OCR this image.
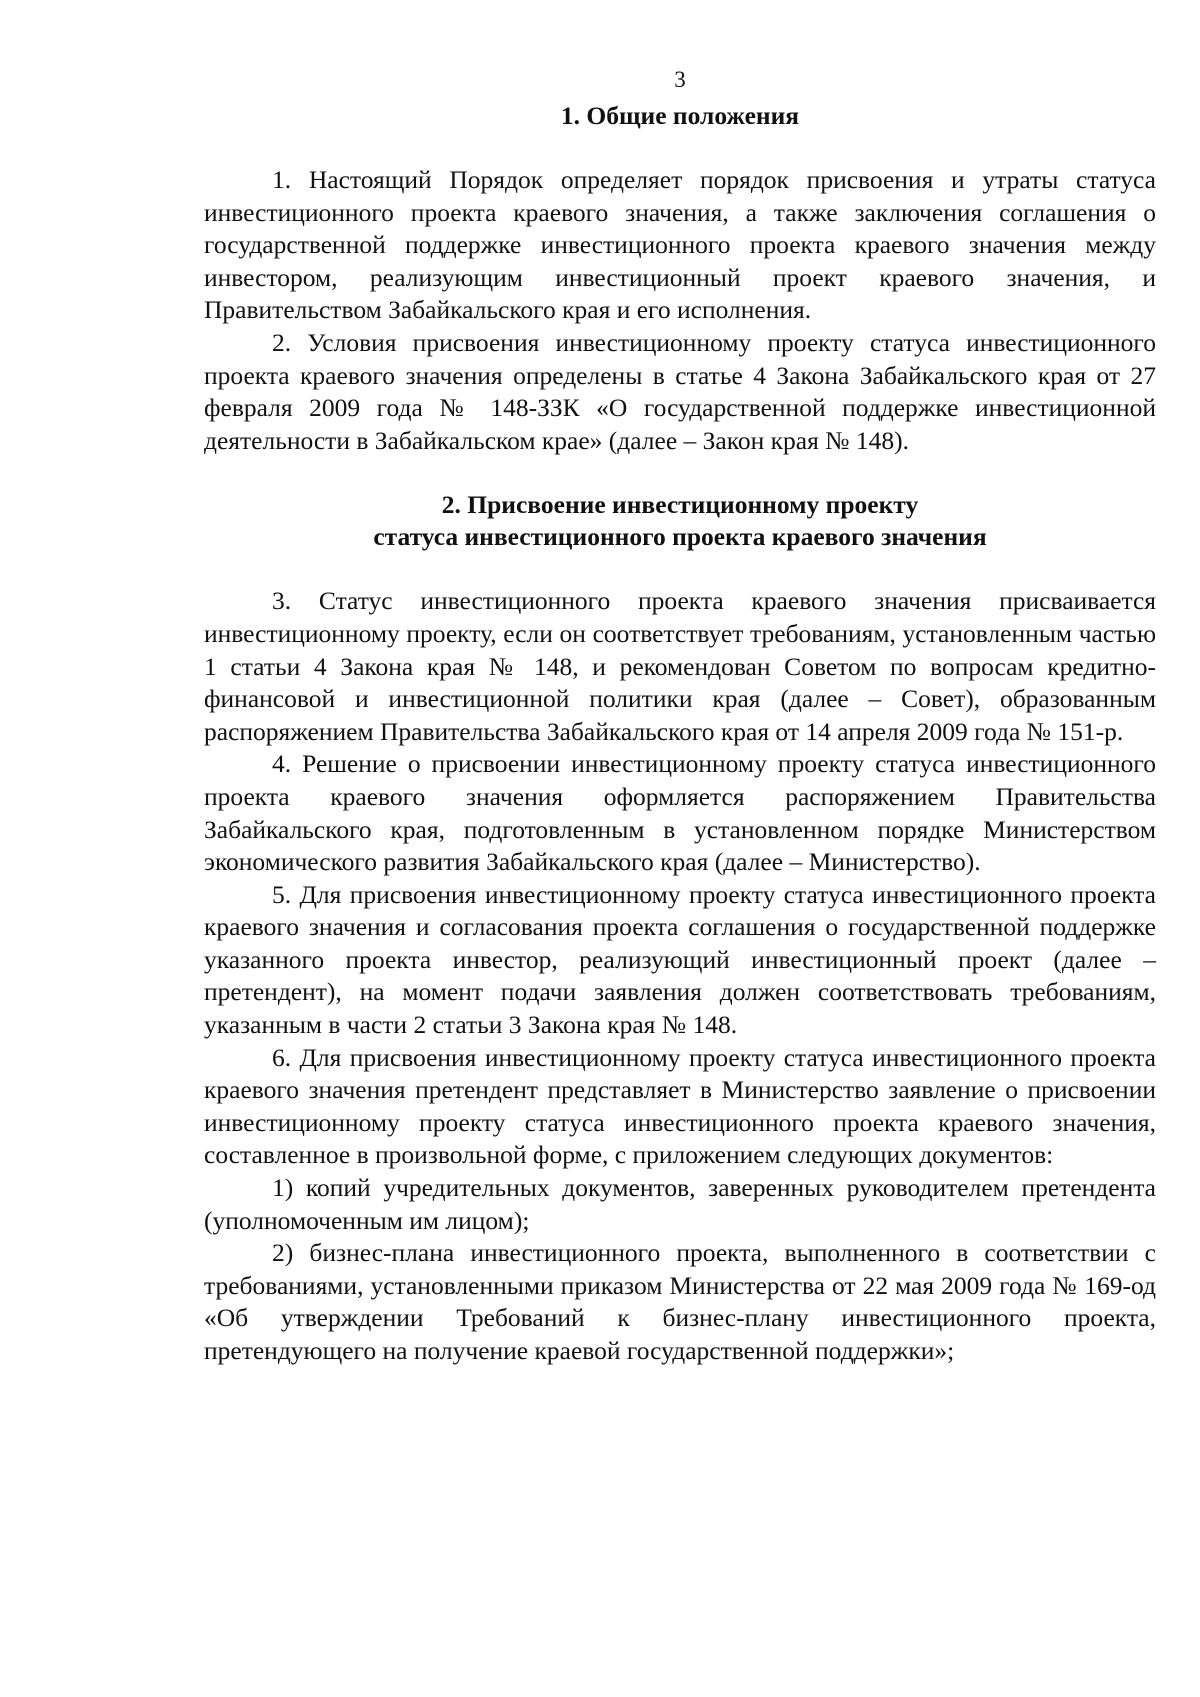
3
1. Общие положения

1. Настоящий Порядок определяет порядок присвоения и утраты статуса инвестиционного проекта краевого значения, а также заключения соглашения о государственной поддержке инвестиционного проекта краевого значения между инвестором, реализующим инвестиционный проект краевого значения, и Правительством Забайкальского края и его исполнения.

2. Условия присвоения инвестиционному проекту статуса инвестиционного проекта краевого значения определены в статье 4 Закона Забайкальского края от 27 февраля 2009 года № 148-ЗЗК «О государственной поддержке инвестиционной деятельности в Забайкальском крае» (далее – Закон края № 148).

2. Присвоение инвестиционному проекту
статуса инвестиционного проекта краевого значения

3. Статус инвестиционного проекта краевого значения присваивается инвестиционному проекту, если он соответствует требованиям, установленным частью 1 статьи 4 Закона края № 148, и рекомендован Советом по вопросам кредитно-финансовой и инвестиционной политики края (далее – Совет), образованным распоряжением Правительства Забайкальского края от 14 апреля 2009 года № 151-р.

4. Решение о присвоении инвестиционному проекту статуса инвестиционного проекта краевого значения оформляется распоряжением Правительства Забайкальского края, подготовленным в установленном порядке Министерством экономического развития Забайкальского края (далее – Министерство).

5. Для присвоения инвестиционному проекту статуса инвестиционного проекта краевого значения и согласования проекта соглашения о государственной поддержке указанного проекта инвестор, реализующий инвестиционный проект (далее – претендент), на момент подачи заявления должен соответствовать требованиям, указанным в части 2 статьи 3 Закона края № 148.

6. Для присвоения инвестиционному проекту статуса инвестиционного проекта краевого значения претендент представляет в Министерство заявление о присвоении инвестиционному проекту статуса инвестиционного проекта краевого значения, составленное в произвольной форме, с приложением следующих документов:

1) копий учредительных документов, заверенных руководителем претендента (уполномоченным им лицом);

2) бизнес-плана инвестиционного проекта, выполненного в соответствии с требованиями, установленными приказом Министерства от 22 мая 2009 года № 169-од «Об утверждении Требований к бизнес-плану инвестиционного проекта, претендующего на получение краевой государственной поддержки»;
